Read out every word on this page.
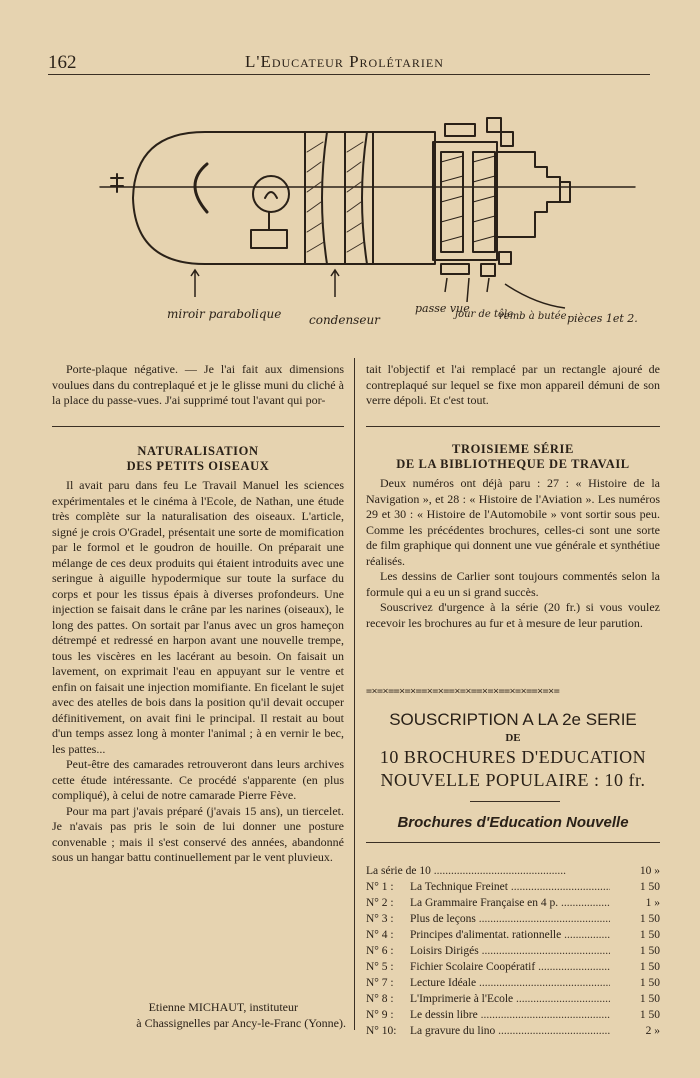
162	L'Educateur Prolétarien
miroir parabolique condenseur
passe vue
jour de tôle
remb à butée pièces 1et 2.

Porte-plaque négative. — Je l'ai fait aux dimensions voulues dans du contreplaqué et je le glisse muni du cliché à la place du passe-vues. J'ai supprimé tout l'avant qui por-

tait l'objectif et l'ai remplacé par un rectangle ajouré de contreplaqué sur lequel se fixe mon appareil démuni de son verre dépoli. Et c'est tout.

NATURALISATION
DES PETITS OISEAUX

Il avait paru dans feu Le Travail Manuel les sciences expérimentales et le cinéma à l'Ecole, de Nathan, une étude très complète sur la naturalisation des oiseaux. L'article, signé je crois O'Gradel, présentait une sorte de momification par le formol et le goudron de houille. On préparait une mélange de ces deux produits qui étaient introduits avec une seringue à aiguille hypodermique sur toute la surface du corps et pour les tissus épais à diverses profondeurs. Une injection se faisait dans le crâne par les narines (oiseaux), le long des pattes. On sortait par l'anus avec un gros hameçon détrempé et redressé en harpon avant une nouvelle trempe, tous les viscères en les lacérant au besoin. On faisait un lavement, on exprimait l'eau en appuyant sur le ventre et enfin on faisait une injection momifiante. En ficelant le sujet avec des atelles de bois dans la position qu'il devait occuper définitivement, on avait fini le principal. Il restait au bout d'un temps assez long à monter l'animal ; à en vernir le bec, les pattes...

Peut-être des camarades retrouveront dans leurs archives cette étude intéressante. Ce procédé s'apparente (en plus compliqué), à celui de notre camarade Pierre Fève.

Pour ma part j'avais préparé (j'avais 15 ans), un tiercelet. Je n'avais pas pris le soin de lui donner une posture convenable ; mais il s'est conservé des années, abandonné sous un hangar battu continuellement par le vent pluvieux.

Etienne MICHAUT, instituteur
à Chassignelles par Ancy-le-Franc (Yonne).
TROISIEME SÉRIE
DE LA BIBLIOTHEQUE DE TRAVAIL

Deux numéros ont déjà paru : 27 : « Histoire de la Navigation », et 28 : « Histoire de l'Aviation ». Les numéros 29 et 30 : « Histoire de l'Automobile » vont sortir sous peu. Comme les précédentes brochures, celles-ci sont une sorte de film graphique qui donnent une vue générale et synthétiue réalisés.

Les dessins de Carlier sont toujours commentés selon la formule qui a eu un si grand succès.

Souscrivez d'urgence à la série (20 fr.) si vous voulez recevoir les brochures au fur et à mesure de leur parution.

=×=×==×=×==×=×==×=×==×=×==×=×==×=×=
SOUSCRIPTION A LA 2e SERIE
DE
10 BROCHURES D'EDUCATION
NOUVELLE POPULAIRE : 10 fr.
Brochures d'Education Nouvelle
La série de 10 .....	10 »
N° 1 :	La Technique Freinet .....	1 50
N° 2 :	La Grammaire Française en 4 p. .....	1 »
N° 3 :	Plus de leçons .....	1 50
N° 4 :	Principes d'alimentat. rationnelle .....	1 50
N° 6 :	Loisirs Dirigés .....	1 50
N° 5 :	Fichier Scolaire Coopératif .....	1 50
N° 7 :	Lecture Idéale .....	1 50
N° 8 :	L'Imprimerie à l'Ecole .....	1 50
N° 9 :	Le dessin libre .....	1 50
N° 10:	La gravure du lino .....	2 »
